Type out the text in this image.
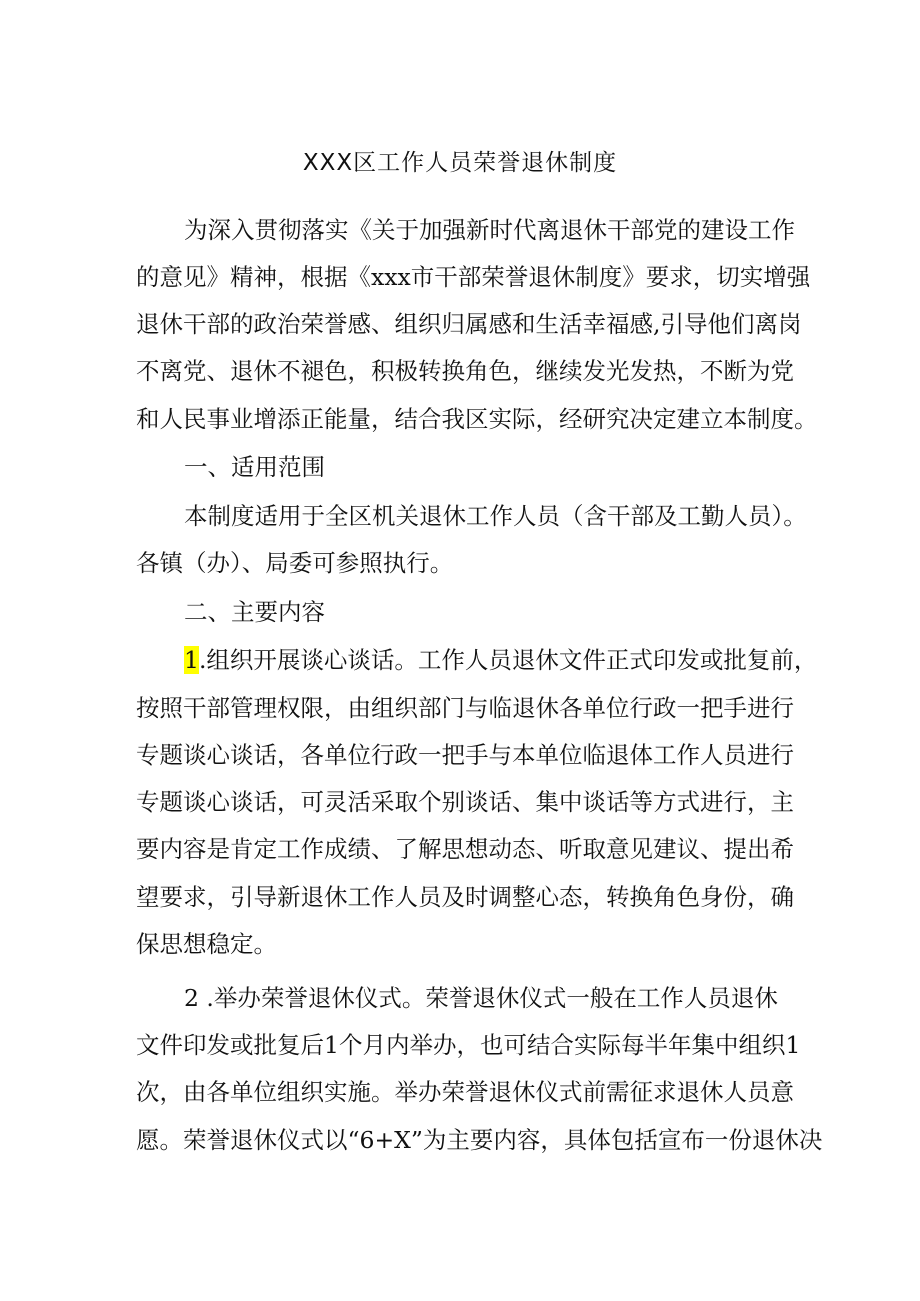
XXX区工作人员荣誉退休制度
为深入贯彻落实《关于加强新时代离退休干部党的建设工作
的意见》精神，根据《xxx市干部荣誉退休制度》要求，切实增强
退休干部的政治荣誉感、组织归属感和生活幸福感,引导他们离岗
不离党、退休不褪色，积极转换角色，继续发光发热，不断为党
和人民事业增添正能量，结合我区实际，经研究决定建立本制度。
一、适用范围
本制度适用于全区机关退休工作人员（含干部及工勤人员）。
各镇（办）、局委可参照执行。
二、主要内容
1.组织开展谈心谈话。工作人员退休文件正式印发或批复前，
按照干部管理权限，由组织部门与临退休各单位行政一把手进行
专题谈心谈话，各单位行政一把手与本单位临退体工作人员进行
专题谈心谈话，可灵活采取个别谈话、集中谈话等方式进行，主
要内容是肯定工作成绩、了解思想动态、听取意见建议、提出希
望要求，引导新退休工作人员及时调整心态，转换角色身份，确
保思想稳定。
2 .举办荣誉退休仪式。荣誉退休仪式一般在工作人员退休
文件印发或批复后1个月内举办，也可结合实际每半年集中组织1
次，由各单位组织实施。举办荣誉退休仪式前需征求退休人员意
愿。荣誉退休仪式以“6+X”为主要内容，具体包括宣布一份退休决
